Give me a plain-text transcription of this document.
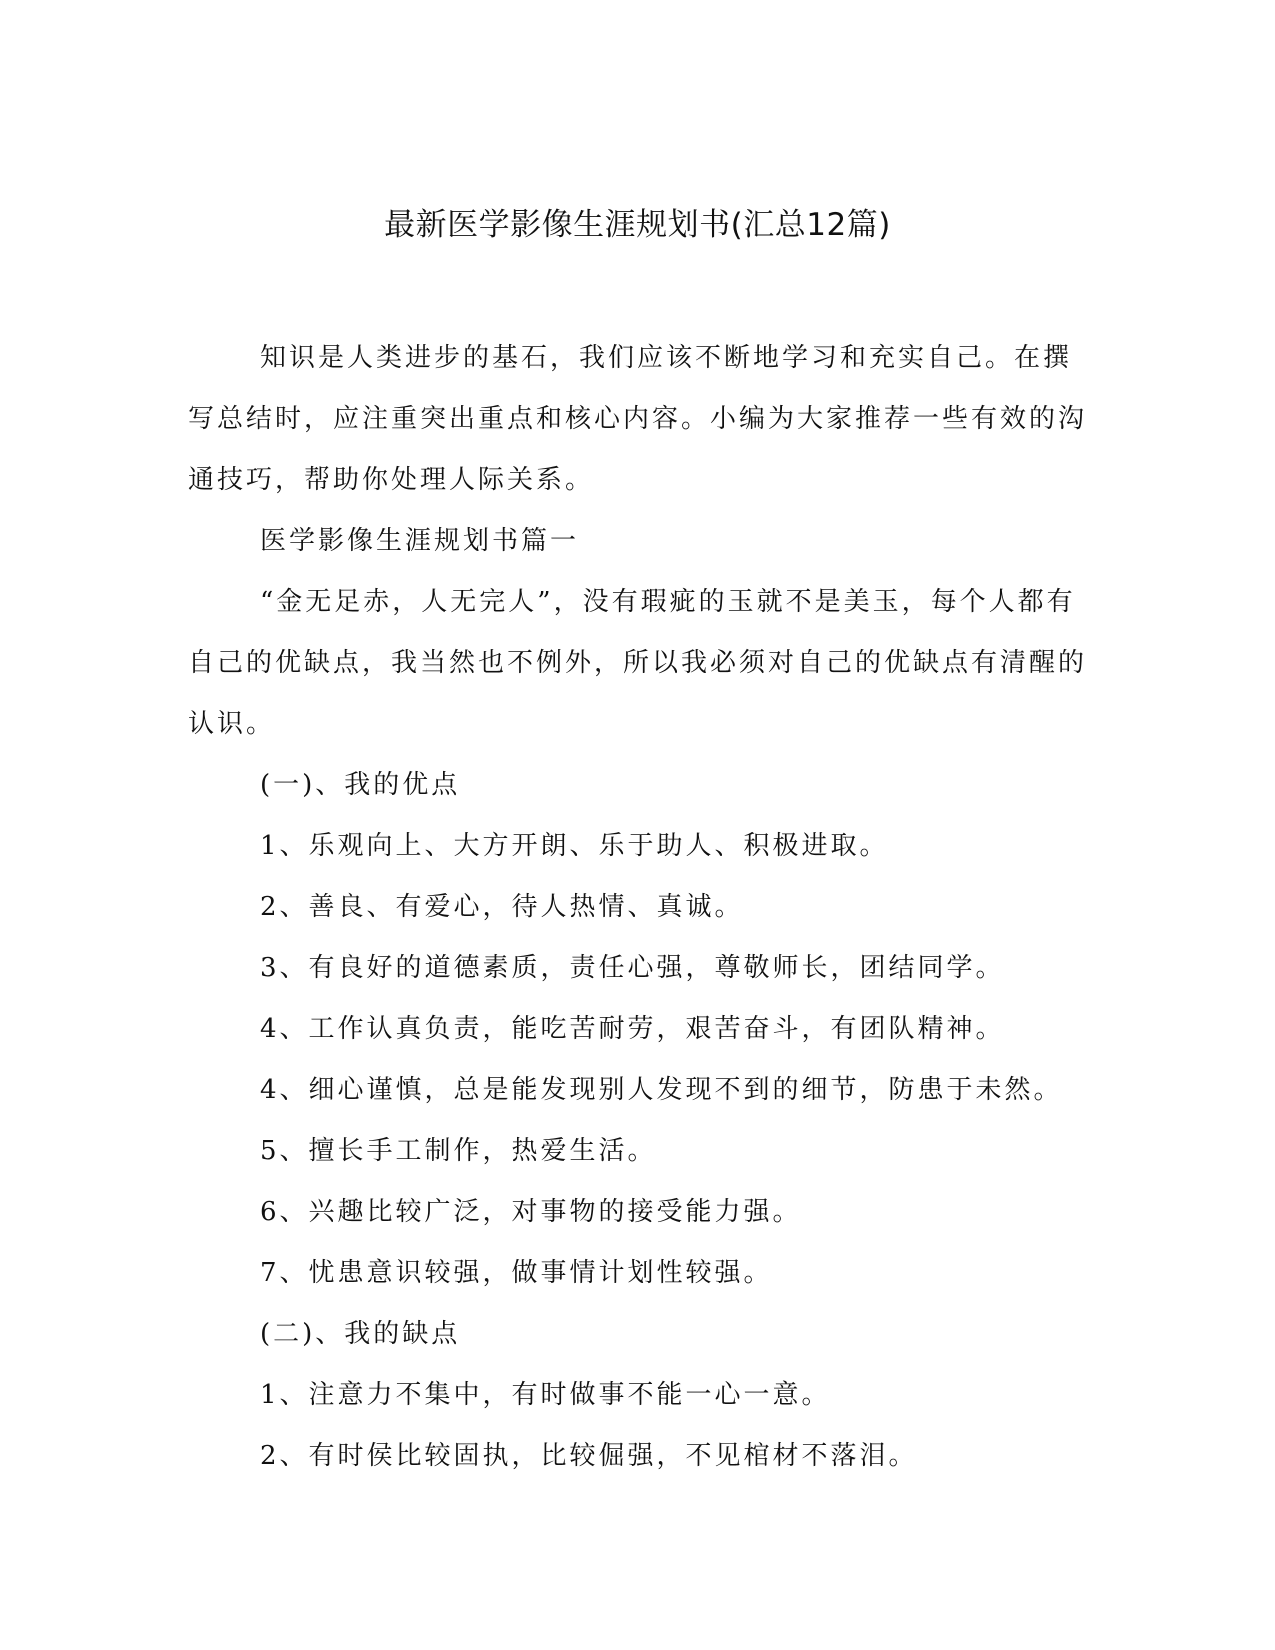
最新医学影像生涯规划书(汇总12篇)

知识是人类进步的基石，我们应该不断地学习和充实自己。在撰写总结时，应注重突出重点和核心内容。小编为大家推荐一些有效的沟通技巧，帮助你处理人际关系。

医学影像生涯规划书篇一

“金无足赤，人无完人”，没有瑕疵的玉就不是美玉，每个人都有自己的优缺点，我当然也不例外，所以我必须对自己的优缺点有清醒的认识。

(一)、我的优点

1、乐观向上、大方开朗、乐于助人、积极进取。

2、善良、有爱心，待人热情、真诚。

3、有良好的道德素质，责任心强，尊敬师长，团结同学。

4、工作认真负责，能吃苦耐劳，艰苦奋斗，有团队精神。

4、细心谨慎，总是能发现别人发现不到的细节，防患于未然。

5、擅长手工制作，热爱生活。

6、兴趣比较广泛，对事物的接受能力强。

7、忧患意识较强，做事情计划性较强。

(二)、我的缺点

1、注意力不集中，有时做事不能一心一意。

2、有时侯比较固执，比较倔强，不见棺材不落泪。
